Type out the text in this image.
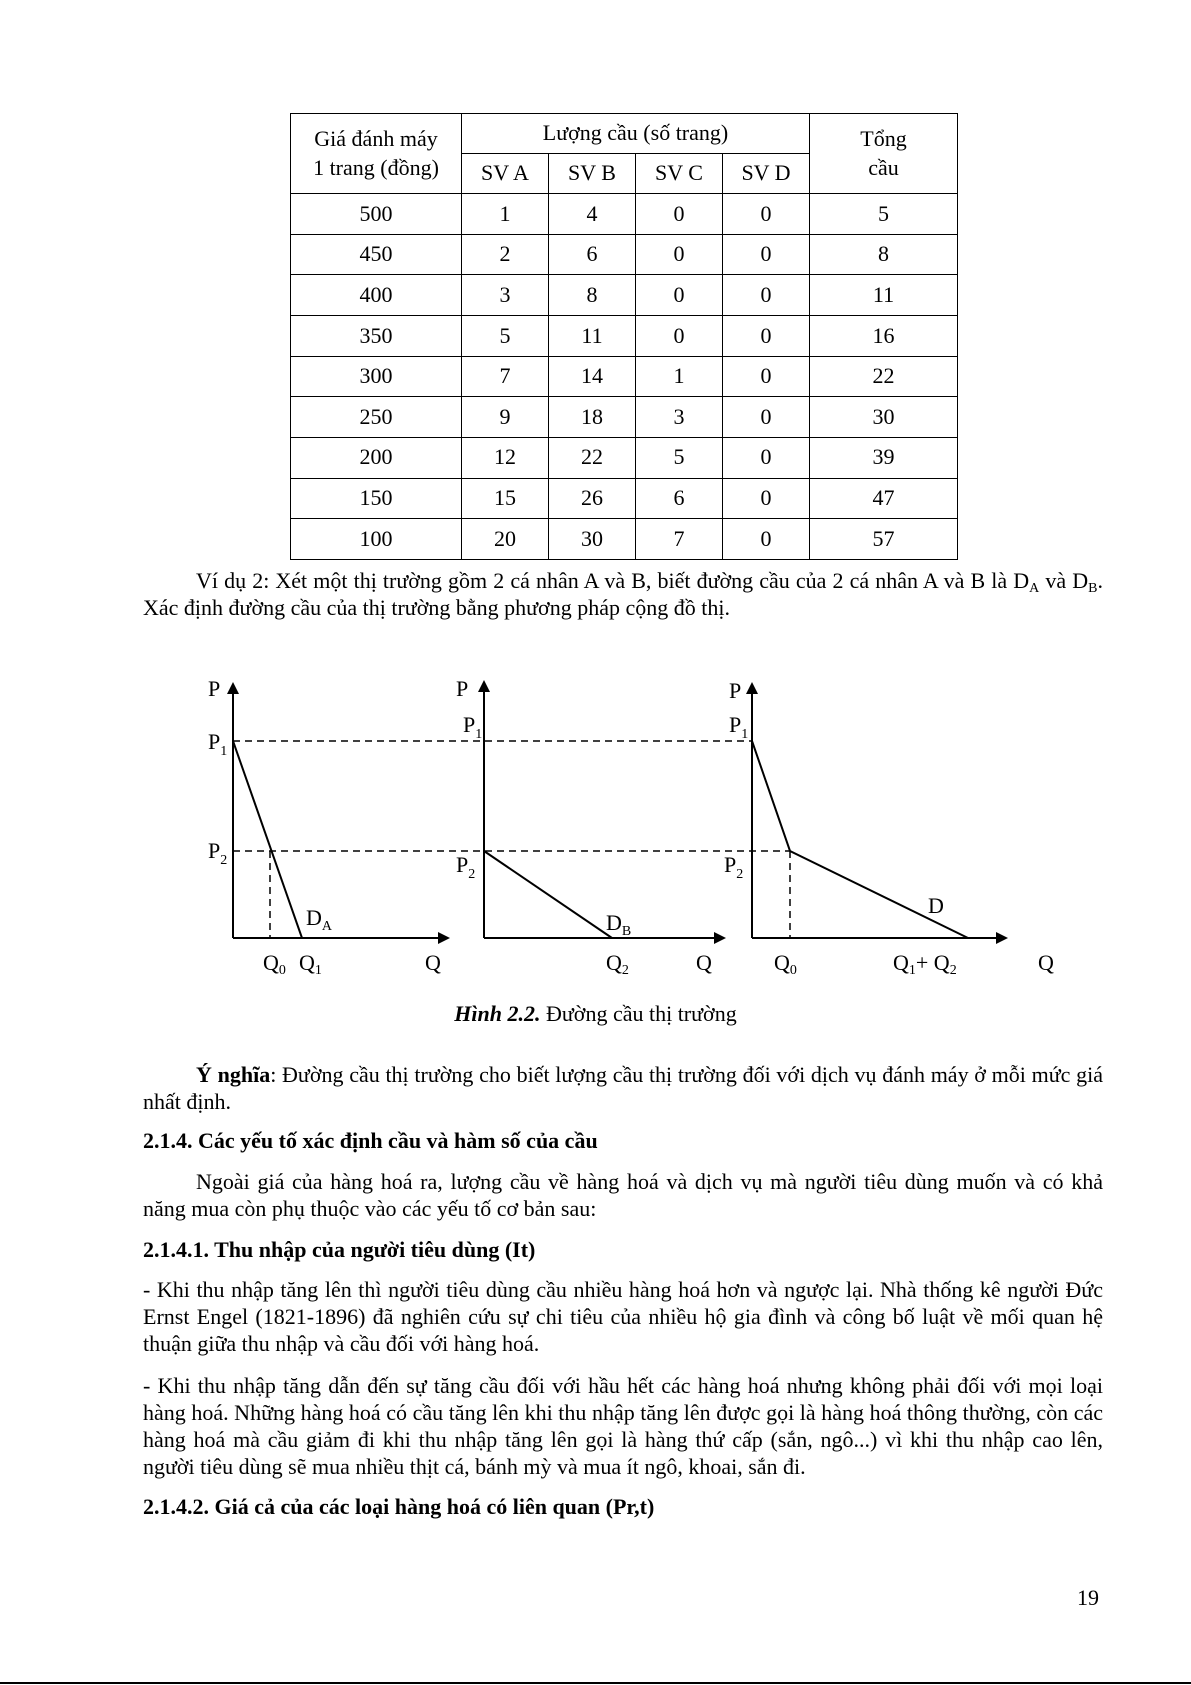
Giá đánh máy
1 trang (đồng)	Lượng cầu (số trang)				Tổng
cầu
	SV A	SV B	SV C	SV D	
500	1	4	0	0	5
450	2	6	0	0	8
400	3	8	0	0	11
350	5	11	0	0	16
300	7	14	1	0	22
250	9	18	3	0	30
200	12	22	5	0	39
150	15	26	6	0	47
100	20	30	7	0	57

Ví dụ 2: Xét một thị trường gồm 2 cá nhân A và B, biết đường cầu của 2 cá nhân A và B là $D_A$ và $D_B$. Xác định đường cầu của thị trường bằng phương pháp cộng đồ thị.

P
$P_1$
$P_2$
$D_A$
Q0 Q1	Q
P
$P_1$
$P_2$
$D_B$
Q2	Q
P
$P_1$
$P_2$
D
Q0	Q1+ Q2	Q
Hình 2.2. Đường cầu thị trường

Ý nghĩa: Đường cầu thị trường cho biết lượng cầu thị trường đối với dịch vụ đánh máy ở mỗi mức giá nhất định.

2.1.4. Các yếu tố xác định cầu và hàm số của cầu

Ngoài giá của hàng hoá ra, lượng cầu về hàng hoá và dịch vụ mà người tiêu dùng muốn và có khả năng mua còn phụ thuộc vào các yếu tố cơ bản sau:

2.1.4.1. Thu nhập của người tiêu dùng (It)

- Khi thu nhập tăng lên thì người tiêu dùng cầu nhiều hàng hoá hơn và ngược lại. Nhà thống kê người Đức Ernst Engel (1821-1896) đã nghiên cứu sự chi tiêu của nhiều hộ gia đình và công bố luật về mối quan hệ thuận giữa thu nhập và cầu đối với hàng hoá.

- Khi thu nhập tăng dẫn đến sự tăng cầu đối với hầu hết các hàng hoá nhưng không phải đối với mọi loại hàng hoá. Những hàng hoá có cầu tăng lên khi thu nhập tăng lên được gọi là hàng hoá thông thường, còn các hàng hoá mà cầu giảm đi khi thu nhập tăng lên gọi là hàng thứ cấp (sắn, ngô...) vì khi thu nhập cao lên, người tiêu dùng sẽ mua nhiều thịt cá, bánh mỳ và mua ít ngô, khoai, sắn đi.

2.1.4.2. Giá cả của các loại hàng hoá có liên quan (Pr,t)

19
